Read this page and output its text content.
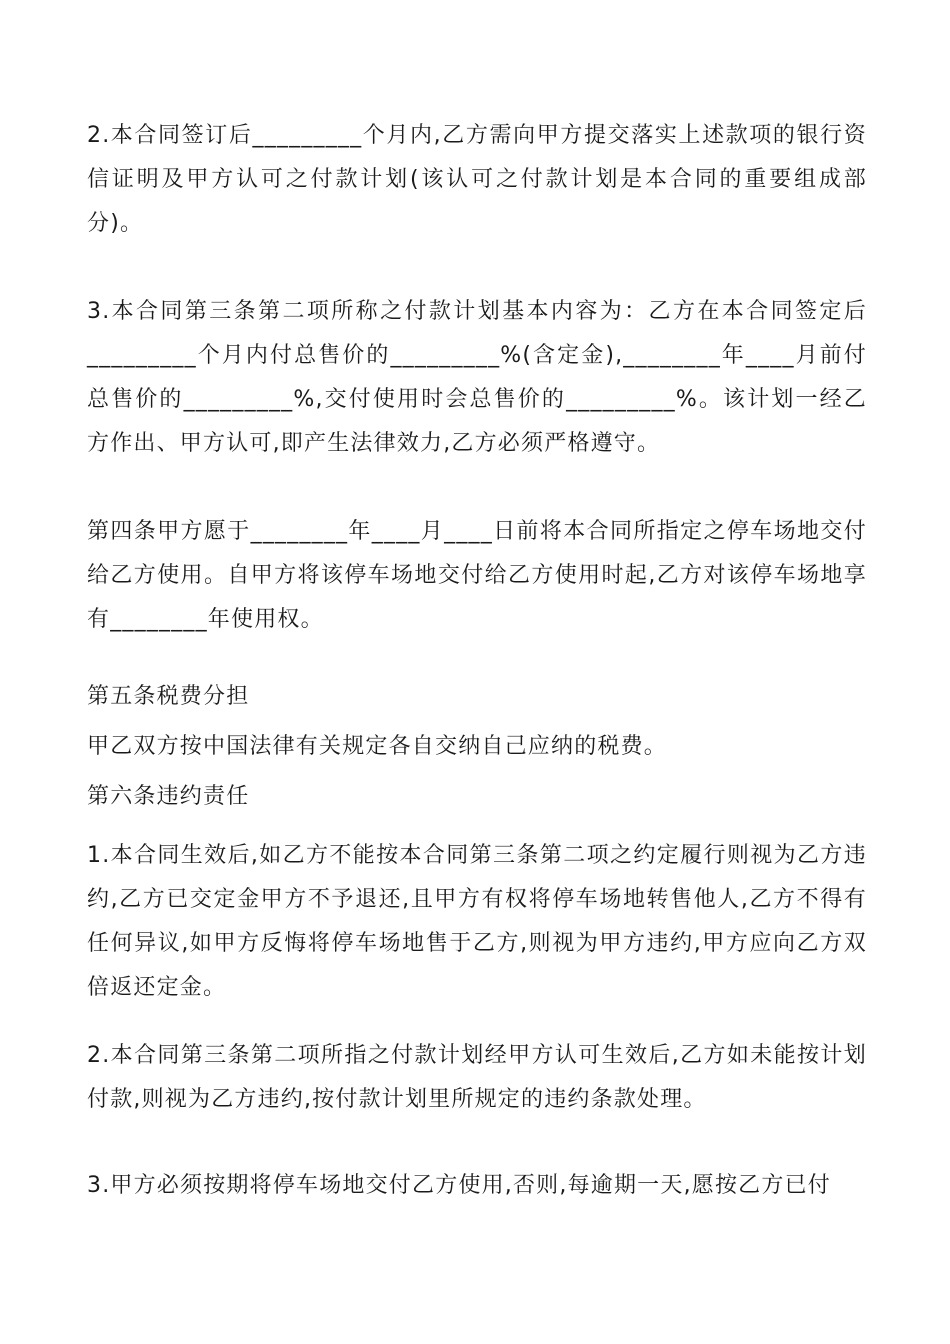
2.本合同签订后_________个月内,乙方需向甲方提交落实上述款项的银行资信证明及甲方认可之付款计划(该认可之付款计划是本合同的重要组成部分)。

3.本合同第三条第二项所称之付款计划基本内容为：乙方在本合同签定后_________个月内付总售价的_________%(含定金),________年____月前付总售价的_________%,交付使用时会总售价的_________%。该计划一经乙方作出、甲方认可,即产生法律效力,乙方必须严格遵守。

第四条甲方愿于________年____月____日前将本合同所指定之停车场地交付给乙方使用。自甲方将该停车场地交付给乙方使用时起,乙方对该停车场地享有________年使用权。

第五条税费分担

甲乙双方按中国法律有关规定各自交纳自己应纳的税费。

第六条违约责任

1.本合同生效后,如乙方不能按本合同第三条第二项之约定履行则视为乙方违约,乙方已交定金甲方不予退还,且甲方有权将停车场地转售他人,乙方不得有任何异议,如甲方反悔将停车场地售于乙方,则视为甲方违约,甲方应向乙方双倍返还定金。

2.本合同第三条第二项所指之付款计划经甲方认可生效后,乙方如未能按计划付款,则视为乙方违约,按付款计划里所规定的违约条款处理。

3.甲方必须按期将停车场地交付乙方使用,否则,每逾期一天,愿按乙方已付
